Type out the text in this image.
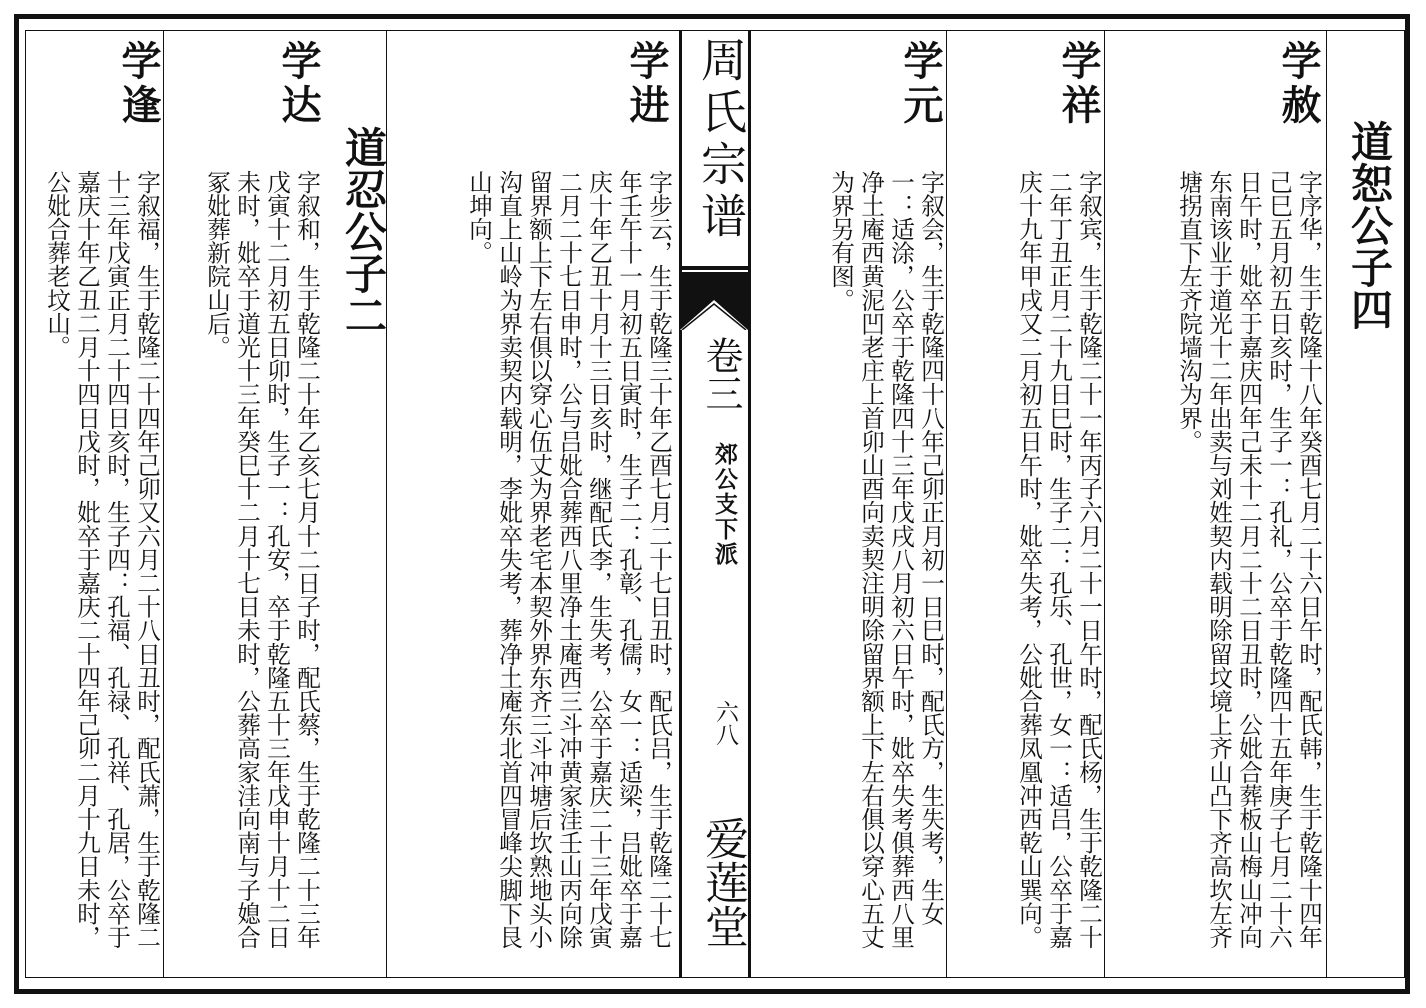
周氏宗谱
卷三
郊公支下派
六八
爱莲堂
道恕公子四
学赦
字序华，生于乾隆十八年癸酉七月二十六日午时，配氏韩，生于乾隆十四年己巳五月初五日亥时，生子一：孔礼，公卒于乾隆四十五年庚子七月二十六日午时，妣卒于嘉庆四年己未十二月二十二日丑时，公妣合葬板山梅山冲向东南该业于道光十二年出卖与刘姓契内载明除留坟境上齐山凸下齐高坎左齐塘拐直下左齐院墙沟为界。
学祥
字叙宾，生于乾隆二十一年丙子六月二十一日午时，配氏杨，生于乾隆二十二年丁丑正月二十九日巳时，生子二：孔乐、孔世，女一：适吕，公卒于嘉庆十九年甲戌又二月初五日午时，妣卒失考，公妣合葬凤凰冲西乾山巽向。
学元
字叙会，生于乾隆四十八年己卯正月初一日巳时，配氏方，生失考，生女一：适涂，公卒于乾隆四十三年戊戌八月初六日午时，妣卒失考俱葬西八里净土庵西黄泥凹老庄上首卯山酉向卖契注明除留界额上下左右俱以穿心五丈为界另有图。
学进
字步云，生于乾隆三十年乙酉七月二十七日丑时，配氏吕，生于乾隆二十七年壬午十一月初五日寅时，生子二：孔彰、孔儒，女一：适梁，吕妣卒于嘉庆十年乙丑十月十三日亥时，继配氏李，生失考，公卒于嘉庆二十三年戊寅二月二十七日申时，公与吕妣合葬西八里净土庵西三斗冲黄家洼壬山丙向除留界额上下左右俱以穿心伍丈为界老宅本契外界东齐三斗冲塘后坎熟地头小沟直上山岭为界卖契内载明，李妣卒失考，葬净土庵东北首四冒峰尖脚下艮山坤向。
道忍公子二
学达
字叙和，生于乾隆二十年乙亥七月十二日子时，配氏蔡，生于乾隆二十三年戊寅十二月初五日卯时，生子一：孔安，卒于乾隆五十三年戊申十月十二日未时，妣卒于道光十三年癸巳十二月十七日未时，公葬高家洼向南与子媳合冢妣葬新院山后。
学逢
字叙福，生于乾隆二十四年己卯又六月二十八日丑时，配氏萧，生于乾隆二十三年戊寅正月二十四日亥时，生子四：孔福、孔禄、孔祥、孔居，公卒于嘉庆十年乙丑二月十四日戊时，妣卒于嘉庆二十四年己卯二月十九日未时，公妣合葬老坟山。
